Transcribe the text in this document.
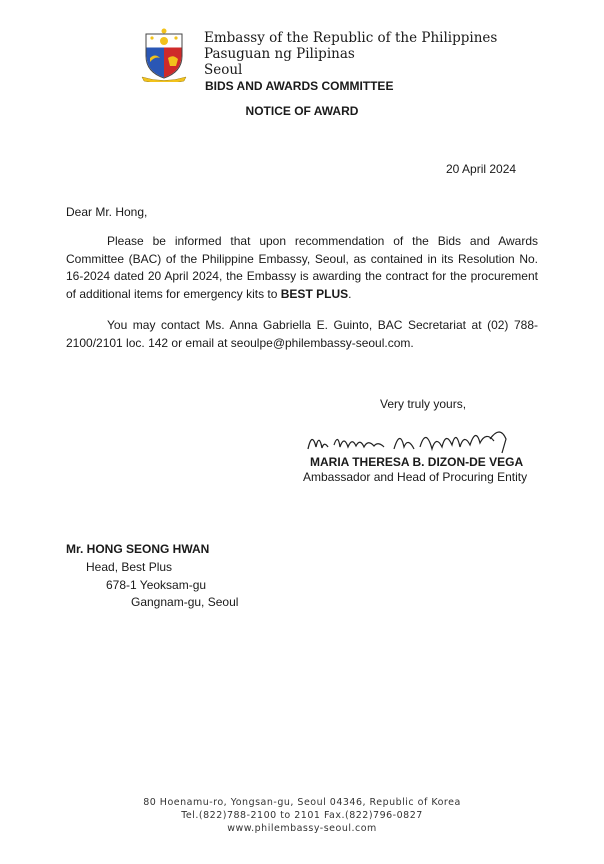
Embassy of the Republic of the Philippines
Pasuguan ng Pilipinas
Seoul
BIDS AND AWARDS COMMITTEE
NOTICE OF AWARD
20 April 2024
Dear Mr. Hong,

Please be informed that upon recommendation of the Bids and Awards Committee (BAC) of the Philippine Embassy, Seoul, as contained in its Resolution No. 16-2024 dated 20 April 2024, the Embassy is awarding the contract for the procurement of additional items for emergency kits to BEST PLUS.

You may contact Ms. Anna Gabriella E. Guinto, BAC Secretariat at (02) 788-2100/2101 loc. 142 or email at seoulpe@philembassy-seoul.com.

Very truly yours,
MARIA THERESA B. DIZON-DE VEGA
Ambassador and Head of Procuring Entity
Mr. HONG SEONG HWAN
Head, Best Plus
678-1 Yeoksam-gu
Gangnam-gu, Seoul
80 Hoenamu-ro, Yongsan-gu, Seoul 04346, Republic of Korea
Tel.(822)788-2100 to 2101 Fax.(822)796-0827
www.philembassy-seoul.com
